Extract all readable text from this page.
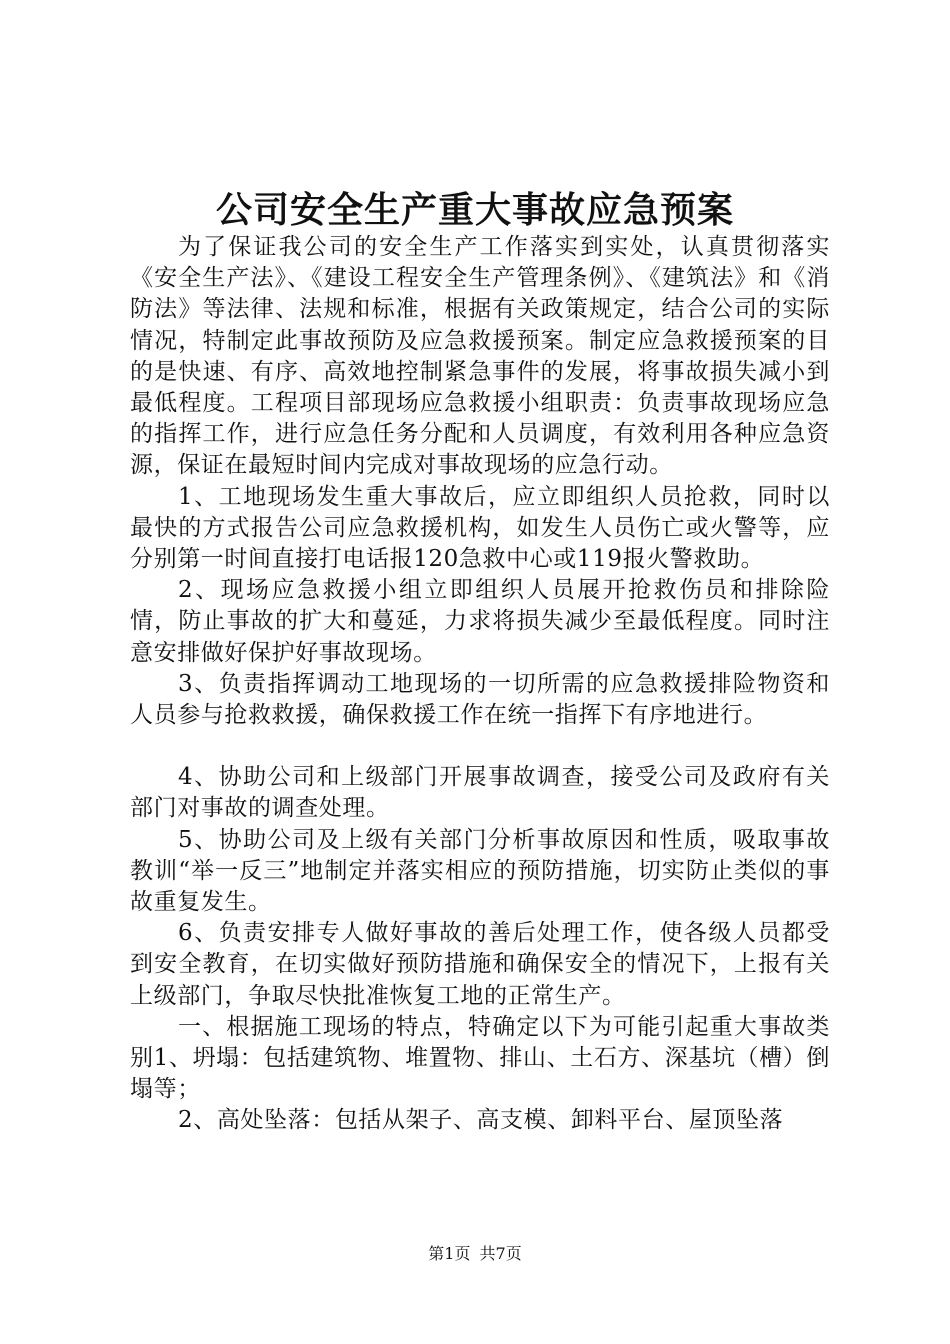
公司安全生产重大事故应急预案

为了保证我公司的安全生产工作落实到实处，认真贯彻落实《安全生产法》、《建设工程安全生产管理条例》、《建筑法》和《消防法》等法律、法规和标准，根据有关政策规定，结合公司的实际情况，特制定此事故预防及应急救援预案。制定应急救援预案的目的是快速、有序、高效地控制紧急事件的发展，将事故损失减小到最低程度。工程项目部现场应急救援小组职责：负责事故现场应急的指挥工作，进行应急任务分配和人员调度，有效利用各种应急资源，保证在最短时间内完成对事故现场的应急行动。

1、工地现场发生重大事故后，应立即组织人员抢救，同时以最快的方式报告公司应急救援机构，如发生人员伤亡或火警等，应分别第一时间直接打电话报120急救中心或119报火警救助。

2、现场应急救援小组立即组织人员展开抢救伤员和排除险情，防止事故的扩大和蔓延，力求将损失减少至最低程度。同时注意安排做好保护好事故现场。

3、负责指挥调动工地现场的一切所需的应急救援排险物资和人员参与抢救救援，确保救援工作在统一指挥下有序地进行。

4、协助公司和上级部门开展事故调查，接受公司及政府有关部门对事故的调查处理。

5、协助公司及上级有关部门分析事故原因和性质，吸取事故教训“举一反三”地制定并落实相应的预防措施，切实防止类似的事故重复发生。

6、负责安排专人做好事故的善后处理工作，使各级人员都受到安全教育，在切实做好预防措施和确保安全的情况下，上报有关上级部门，争取尽快批准恢复工地的正常生产。

一、根据施工现场的特点，特确定以下为可能引起重大事故类别1、坍塌：包括建筑物、堆置物、排山、土石方、深基坑（槽）倒塌等；

2、高处坠落：包括从架子、高支模、卸料平台、屋顶坠落

第1页 共7页
